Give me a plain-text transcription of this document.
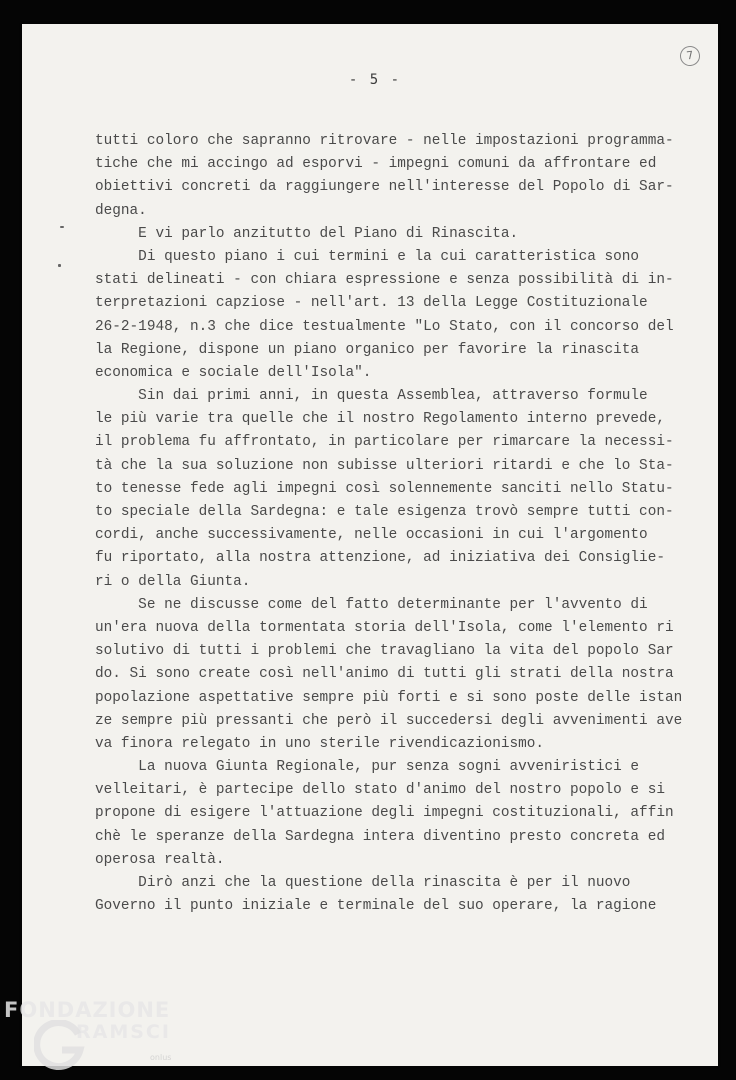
7
- 5 -
tutti coloro che sapranno ritrovare - nelle impostazioni programma-
tiche che mi accingo ad esporvi - impegni comuni da affrontare ed
obiettivi concreti da raggiungere nell'interesse del Popolo di Sar-
degna.
E vi parlo anzitutto del Piano di Rinascita.
Di questo piano i cui termini e la cui caratteristica sono
stati delineati - con chiara espressione e senza possibilità di in-
terpretazioni capziose - nell'art. 13 della Legge Costituzionale
26-2-1948, n.3 che dice testualmente "Lo Stato, con il concorso del
la Regione, dispone un piano organico per favorire la rinascita
economica e sociale dell'Isola".
Sin dai primi anni, in questa Assemblea, attraverso formule
le più varie tra quelle che il nostro Regolamento interno prevede,
il problema fu affrontato, in particolare per rimarcare la necessi-
tà che la sua soluzione non subisse ulteriori ritardi e che lo Sta-
to tenesse fede agli impegni così solennemente sanciti nello Statu-
to speciale della Sardegna: e tale esigenza trovò sempre tutti con-
cordi, anche successivamente, nelle occasioni in cui l'argomento
fu riportato, alla nostra attenzione, ad iniziativa dei Consiglie-
ri o della Giunta.
Se ne discusse come del fatto determinante per l'avvento di
un'era nuova della tormentata storia dell'Isola, come l'elemento ri
solutivo di tutti i problemi che travagliano la vita del popolo Sar
do. Si sono create così nell'animo di tutti gli strati della nostra
popolazione aspettative sempre più forti e si sono poste delle istan
ze sempre più pressanti che però il succedersi degli avvenimenti ave
va finora relegato in uno sterile rivendicazionismo.
La nuova Giunta Regionale, pur senza sogni avveniristici e
velleitari, è partecipe dello stato d'animo del nostro popolo e si
propone di esigere l'attuazione degli impegni costituzionali, affin
chè le speranze della Sardegna intera diventino presto concreta ed
operosa realtà.
Dirò anzi che la questione della rinascita è per il nuovo
Governo il punto iniziale e terminale del suo operare, la ragione
FONDAZIONE
RAMSCI
onlus
